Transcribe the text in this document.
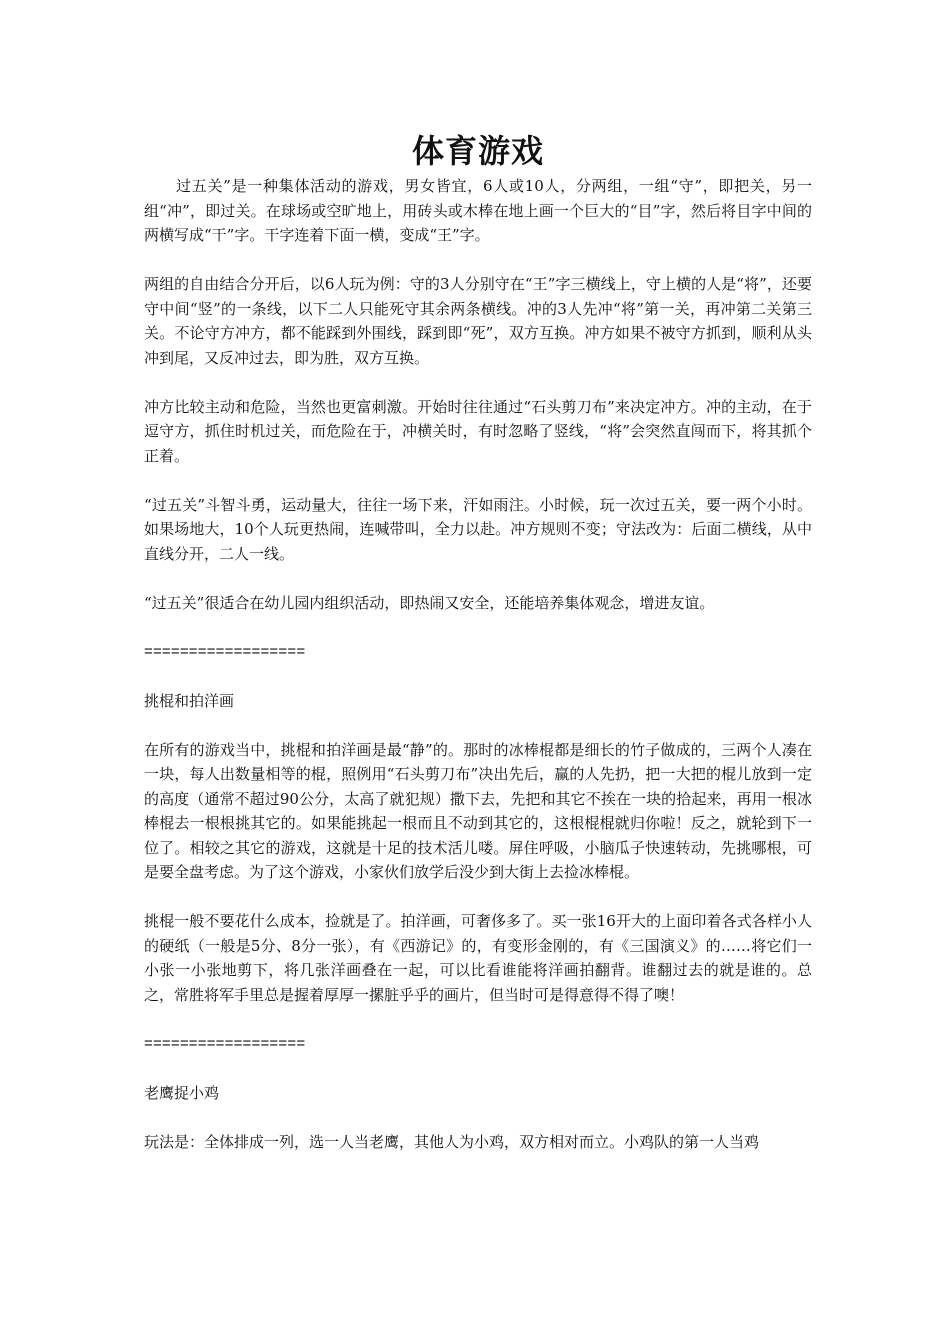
体育游戏

过五关”是一种集体活动的游戏，男女皆宜，6人或10人，分两组，一组“守”，即把关，另一组“冲”，即过关。在球场或空旷地上，用砖头或木棒在地上画一个巨大的“目”字，然后将目字中间的两横写成“干”字。干字连着下面一横，变成“王”字。

两组的自由结合分开后，以6人玩为例：守的3人分别守在“王”字三横线上，守上横的人是“将”，还要守中间“竖”的一条线，以下二人只能死守其余两条横线。冲的3人先冲“将”第一关，再冲第二关第三关。不论守方冲方，都不能踩到外围线，踩到即“死”，双方互换。冲方如果不被守方抓到，顺利从头冲到尾，又反冲过去，即为胜，双方互换。

冲方比较主动和危险，当然也更富刺激。开始时往往通过“石头剪刀布”来决定冲方。冲的主动，在于逗守方，抓住时机过关，而危险在于，冲横关时，有时忽略了竖线，“将”会突然直闯而下，将其抓个正着。

“过五关”斗智斗勇，运动量大，往往一场下来，汗如雨注。小时候，玩一次过五关，要一两个小时。如果场地大，10个人玩更热闹，连喊带叫，全力以赴。冲方规则不变；守法改为：后面二横线，从中直线分开，二人一线。

“过五关”很适合在幼儿园内组织活动，即热闹又安全，还能培养集体观念，增进友谊。

==================
挑棍和拍洋画

在所有的游戏当中，挑棍和拍洋画是最“静”的。那时的冰棒棍都是细长的竹子做成的，三两个人凑在一块，每人出数量相等的棍，照例用“石头剪刀布”决出先后，赢的人先扔，把一大把的棍儿放到一定的高度（通常不超过90公分，太高了就犯规）撒下去，先把和其它不挨在一块的拾起来，再用一根冰棒棍去一根根挑其它的。如果能挑起一根而且不动到其它的，这根棍棍就归你啦！反之，就轮到下一位了。相较之其它的游戏，这就是十足的技术活儿喽。屏住呼吸，小脑瓜子快速转动，先挑哪根，可是要全盘考虑。为了这个游戏，小家伙们放学后没少到大街上去捡冰棒棍。

挑棍一般不要花什么成本，捡就是了。拍洋画，可奢侈多了。买一张16开大的上面印着各式各样小人的硬纸（一般是5分、8分一张），有《西游记》的，有变形金刚的，有《三国演义》的……将它们一小张一小张地剪下，将几张洋画叠在一起，可以比看谁能将洋画拍翻背。谁翻过去的就是谁的。总之，常胜将军手里总是握着厚厚一摞脏乎乎的画片，但当时可是得意得不得了噢！

==================
老鹰捉小鸡

玩法是：全体排成一列，选一人当老鹰，其他人为小鸡，双方相对而立。小鸡队的第一人当鸡
